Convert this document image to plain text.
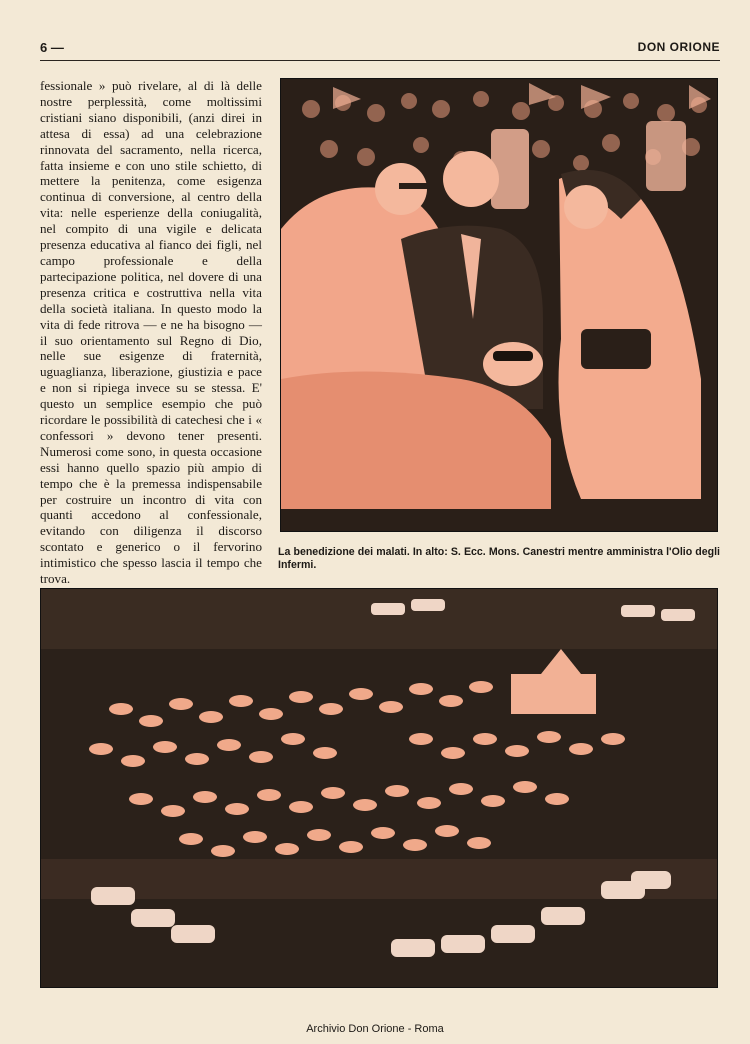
6 —	DON ORIONE

fessionale » può rivelare, al di là delle nostre perplessità, come moltissimi cristiani siano disponibili, (anzi direi in attesa di essa) ad una celebrazione rinnovata del sacramento, nella ricerca, fatta insieme e con uno stile schietto, di mettere la penitenza, come esigenza continua di conversione, al centro della vita: nelle esperienze della coniugalità, nel compito di una vigile e delicata presenza educativa al fianco dei figli, nel campo professionale e della partecipazione politica, nel dovere di una presenza critica e costruttiva nella vita della società italiana. In questo modo la vita di fede ritrova — e ne ha bisogno — il suo orientamento sul Regno di Dio, nelle sue esigenze di fraternità, uguaglianza, liberazione, giustizia e pace e non si ripiega invece su se stessa. E' questo un semplice esempio che può ricordare le possibilità di catechesi che i « confessori » devono tener presenti. Numerosi come sono, in questa occasione essi hanno quello spazio più ampio di tempo che è la premessa indispensabile per costruire un incontro di vita con quanti accedono al confessionale, evitando con diligenza il discorso scontato e generico o il fervorino intimistico che spesso lascia il tempo che trova.

La benedizione dei malati. In alto: S. Ecc. Mons. Canestri mentre amministra l'Olio degli Infermi.
Archivio Don Orione - Roma
